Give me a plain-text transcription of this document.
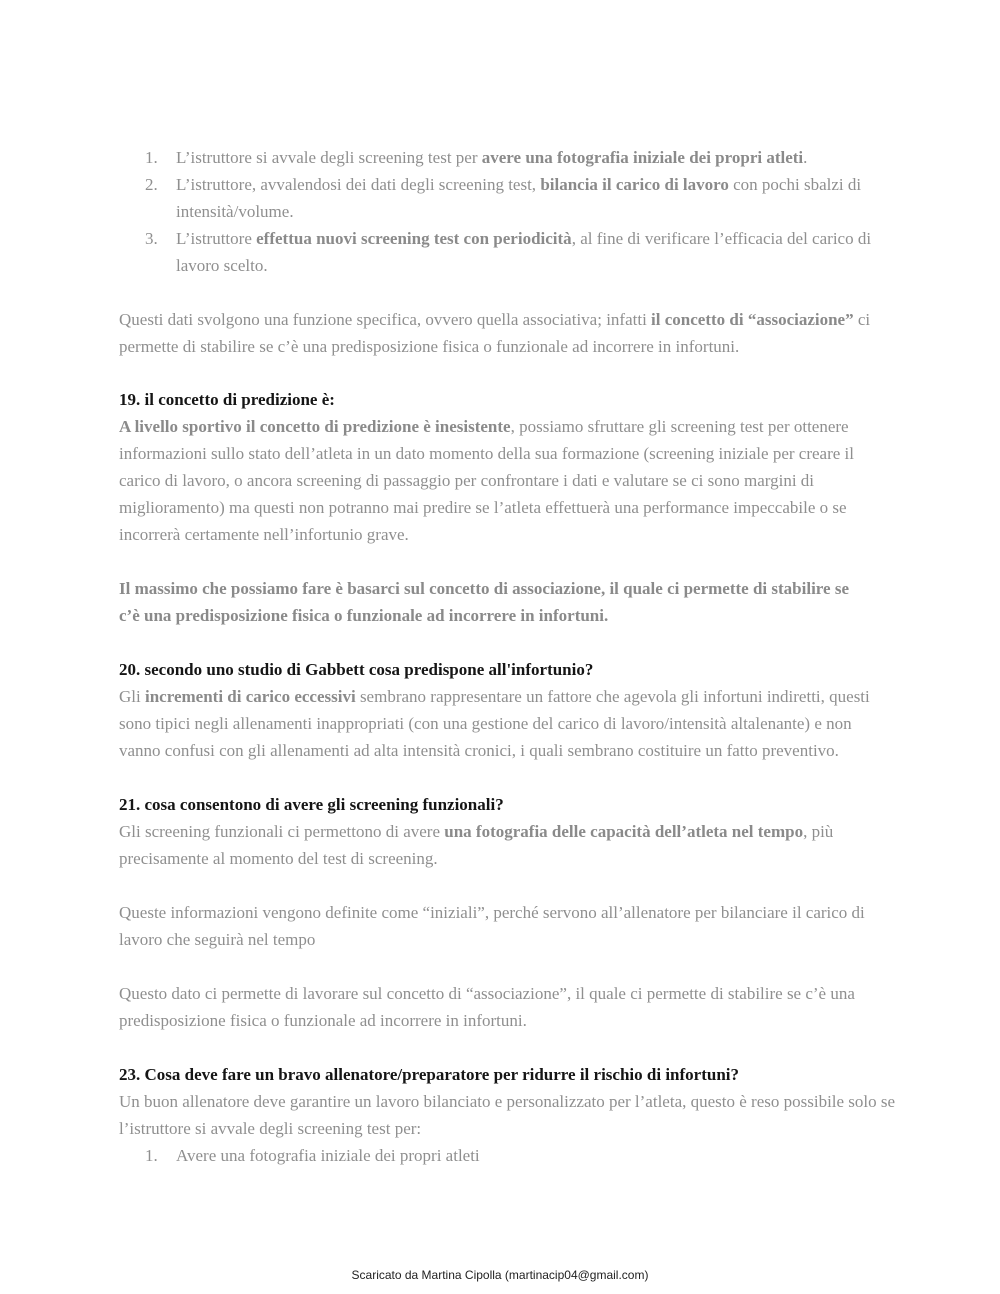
1. L’istruttore si avvale degli screening test per avere una fotografia iniziale dei propri atleti.
2. L’istruttore, avvalendosi dei dati degli screening test, bilancia il carico di lavoro con pochi sbalzi di
intensità/volume.
3. L’istruttore effettua nuovi screening test con periodicità, al fine di verificare l’efficacia del carico di
lavoro scelto.
Questi dati svolgono una funzione specifica, ovvero quella associativa; infatti il concetto di “associazione” ci
permette di stabilire se c’è una predisposizione fisica o funzionale ad incorrere in infortuni.
19. il concetto di predizione è:
A livello sportivo il concetto di predizione è inesistente, possiamo sfruttare gli screening test per ottenere
informazioni sullo stato dell’atleta in un dato momento della sua formazione (screening iniziale per creare il
carico di lavoro, o ancora screening di passaggio per confrontare i dati e valutare se ci sono margini di
miglioramento) ma questi non potranno mai predire se l’atleta effettuerà una performance impeccabile o se
incorrerà certamente nell’infortunio grave.
Il massimo che possiamo fare è basarci sul concetto di associazione, il quale ci permette di stabilire se
c’è una predisposizione fisica o funzionale ad incorrere in infortuni.
20. secondo uno studio di Gabbett cosa predispone all'infortunio?
Gli incrementi di carico eccessivi sembrano rappresentare un fattore che agevola gli infortuni indiretti, questi
sono tipici negli allenamenti inappropriati (con una gestione del carico di lavoro/intensità altalenante) e non
vanno confusi con gli allenamenti ad alta intensità cronici, i quali sembrano costituire un fatto preventivo.
21. cosa consentono di avere gli screening funzionali?
Gli screening funzionali ci permettono di avere una fotografia delle capacità dell’atleta nel tempo, più
precisamente al momento del test di screening.
Queste informazioni vengono definite come “iniziali”, perché servono all’allenatore per bilanciare il carico di
lavoro che seguirà nel tempo
Questo dato ci permette di lavorare sul concetto di “associazione”, il quale ci permette di stabilire se c’è una
predisposizione fisica o funzionale ad incorrere in infortuni.
23. Cosa deve fare un bravo allenatore/preparatore per ridurre il rischio di infortuni?
Un buon allenatore deve garantire un lavoro bilanciato e personalizzato per l’atleta, questo è reso possibile solo se
l’istruttore si avvale degli screening test per:
1. Avere una fotografia iniziale dei propri atleti
Scaricato da Martina Cipolla (martinacip04@gmail.com)
